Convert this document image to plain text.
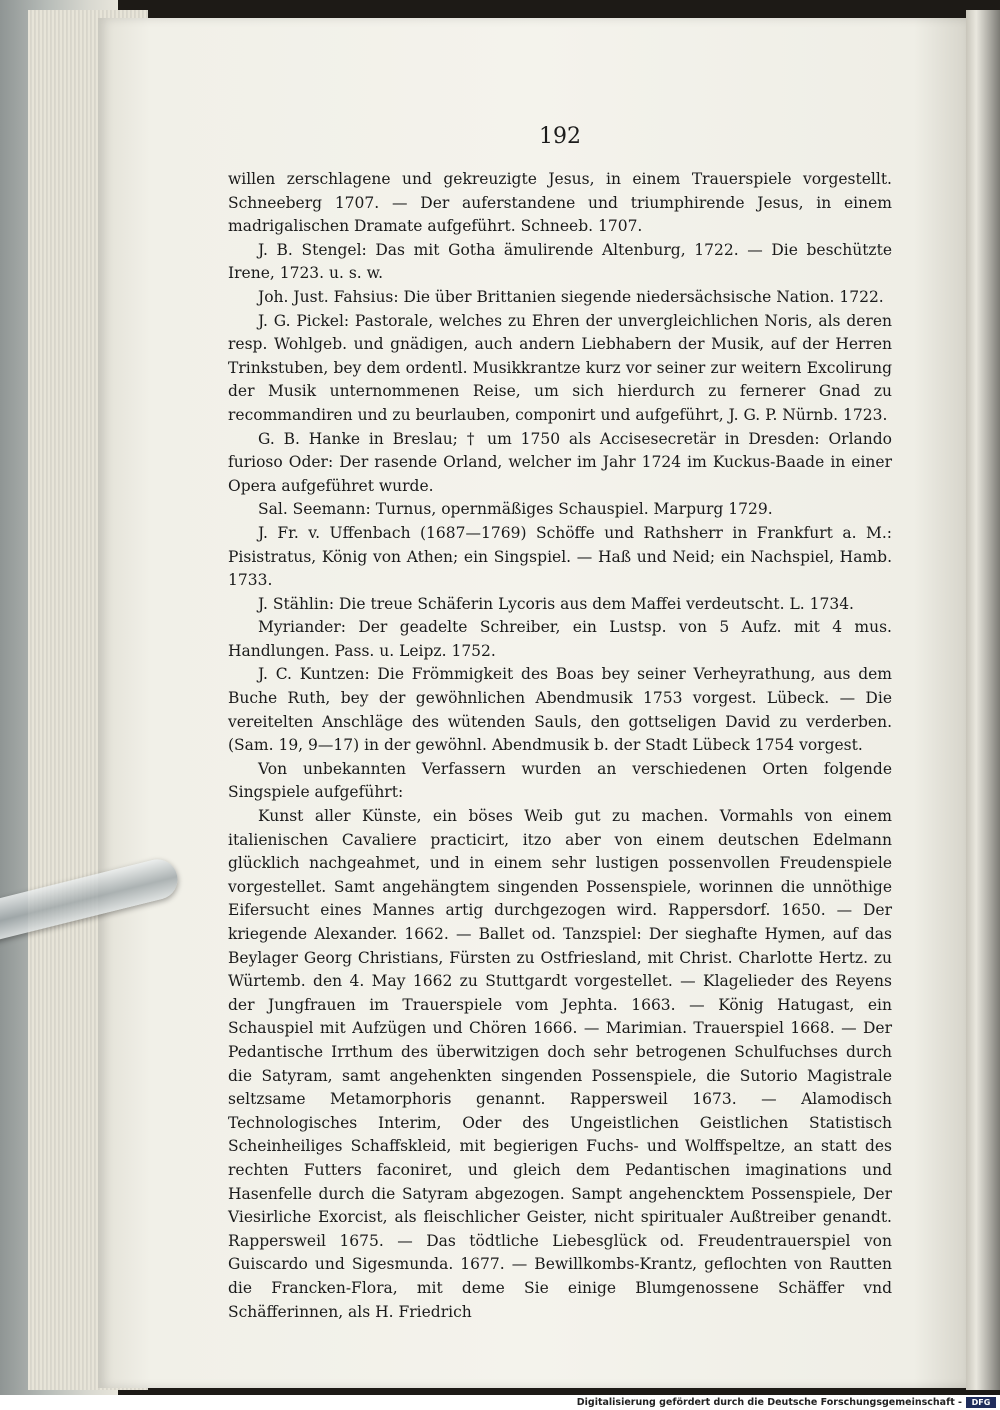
192

willen zerschlagene und gekreuzigte Jesus, in einem Trauerspiele vorgestellt. Schneeberg 1707. — Der auferstandene und triumphirende Jesus, in einem madrigalischen Dramate aufgeführt. Schneeb. 1707.

J. B. Stengel: Das mit Gotha ämulirende Altenburg, 1722. — Die beschützte Irene, 1723. u. s. w.

Joh. Just. Fahsius: Die über Brittanien siegende niedersächsische Nation. 1722.

J. G. Pickel: Pastorale, welches zu Ehren der unvergleichlichen Noris, als deren resp. Wohlgeb. und gnädigen, auch andern Liebhabern der Musik, auf der Herren Trinkstuben, bey dem ordentl. Musikkrantze kurz vor seiner zur weitern Excolirung der Musik unternommenen Reise, um sich hierdurch zu fernerer Gnad zu recommandiren und zu beurlauben, componirt und aufgeführt, J. G. P. Nürnb. 1723.

G. B. Hanke in Breslau; † um 1750 als Accisesecretär in Dresden: Orlando furioso Oder: Der rasende Orland, welcher im Jahr 1724 im Kuckus-Baade in einer Opera aufgeführet wurde.

Sal. Seemann: Turnus, opernmäßiges Schauspiel. Marpurg 1729.

J. Fr. v. Uffenbach (1687—1769) Schöffe und Rathsherr in Frankfurt a. M.: Pisistratus, König von Athen; ein Singspiel. — Haß und Neid; ein Nachspiel, Hamb. 1733.

J. Stählin: Die treue Schäferin Lycoris aus dem Maffei verdeutscht. L. 1734.

Myriander: Der geadelte Schreiber, ein Lustsp. von 5 Aufz. mit 4 mus. Handlungen. Pass. u. Leipz. 1752.

J. C. Kuntzen: Die Frömmigkeit des Boas bey seiner Verheyrathung, aus dem Buche Ruth, bey der gewöhnlichen Abendmusik 1753 vorgest. Lübeck. — Die vereitelten Anschläge des wütenden Sauls, den gottseligen David zu verderben. (Sam. 19, 9—17) in der gewöhnl. Abendmusik b. der Stadt Lübeck 1754 vorgest.

Von unbekannten Verfassern wurden an verschiedenen Orten folgende Singspiele aufgeführt:

Kunst aller Künste, ein böses Weib gut zu machen. Vormahls von einem italienischen Cavaliere practicirt, itzo aber von einem deutschen Edelmann glücklich nachgeahmet, und in einem sehr lustigen possenvollen Freudenspiele vorgestellet. Samt angehängtem singenden Possenspiele, worinnen die unnöthige Eifersucht eines Mannes artig durchgezogen wird. Rappersdorf. 1650. — Der kriegende Alexander. 1662. — Ballet od. Tanzspiel: Der sieghafte Hymen, auf das Beylager Georg Christians, Fürsten zu Ostfriesland, mit Christ. Charlotte Hertz. zu Würtemb. den 4. May 1662 zu Stuttgardt vorgestellet. — Klagelieder des Reyens der Jungfrauen im Trauerspiele vom Jephta. 1663. — König Hatugast, ein Schauspiel mit Aufzügen und Chören 1666. — Marimian. Trauerspiel 1668. — Der Pedantische Irrthum des überwitzigen doch sehr betrogenen Schulfuchses durch die Satyram, samt angehenkten singenden Possenspiele, die Sutorio Magistrale seltzsame Metamorphoris genannt. Rappersweil 1673. — Alamodisch Technologisches Interim, Oder des Ungeistlichen Geistlichen Statistisch Scheinheiliges Schaffskleid, mit begierigen Fuchs- und Wolffspeltze, an statt des rechten Futters faconiret, und gleich dem Pedantischen imaginations und Hasenfelle durch die Satyram abgezogen. Sampt angehencktem Possenspiele, Der Viesirliche Exorcist, als fleischlicher Geister, nicht spiritualer Außtreiber genandt. Rappersweil 1675. — Das tödtliche Liebesglück od. Freudentrauerspiel von Guiscardo und Sigesmunda. 1677. — Bewillkombs-Krantz, geflochten von Rautten die Francken-Flora, mit deme Sie einige Blumgenossene Schäffer vnd Schäfferinnen, als H. Friedrich

Digitalisierung gefördert durch die Deutsche Forschungsgemeinschaft -	DFG
